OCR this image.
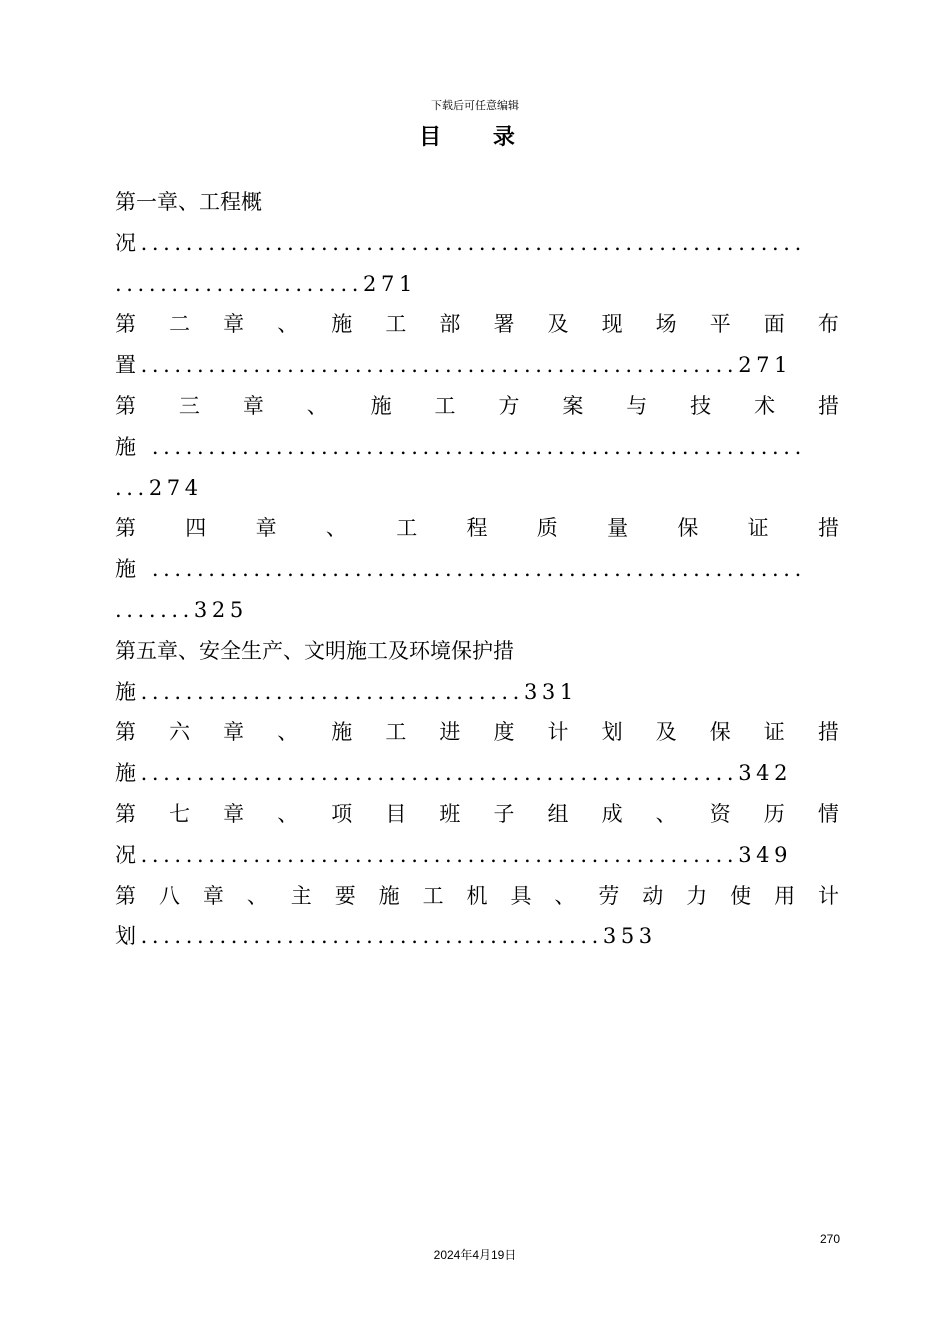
下载后可任意编辑
目 录
第一章、工程概
况...........................................................
......................271
第 二 章 、 施 工 部 署 及 现 场 平 面 布
置.....................................................271
第 三 章 、 施 工 方 案 与 技 术 措
施 ..........................................................
...274
第 四 章 、 工 程 质 量 保 证 措
施 ..........................................................
.......325
第五章、安全生产、文明施工及环境保护措
施..................................331
第 六 章 、 施 工 进 度 计 划 及 保 证 措
施.....................................................342
第 七 章 、 项 目 班 子 组 成 、 资 历 情
况.....................................................349
第 八 章 、 主 要 施 工 机 具 、 劳 动 力 使 用 计
划.........................................353
270
2024年4月19日
